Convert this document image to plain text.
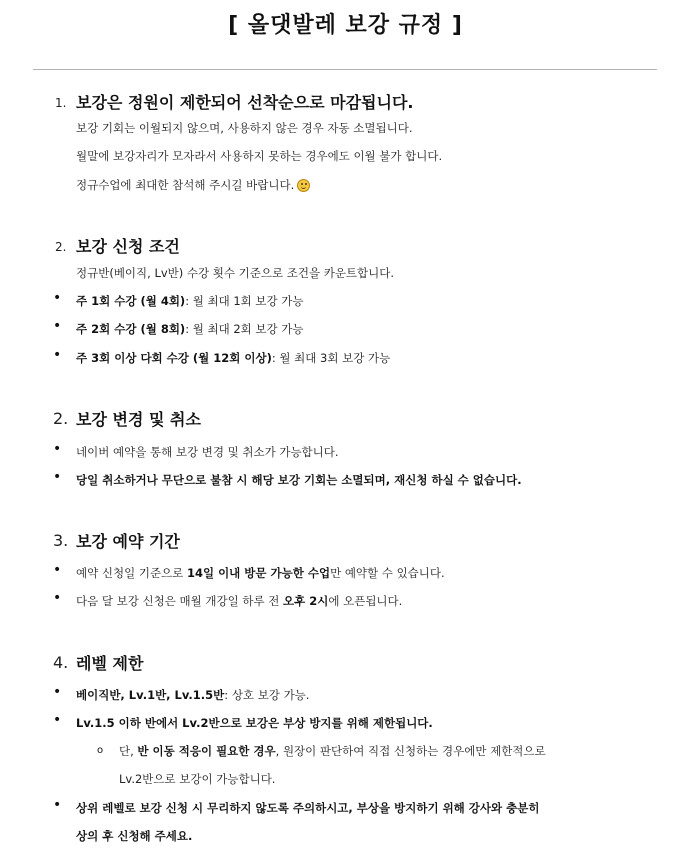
[ 올댓발레 보강 규정 ]
1. 보강은 정원이 제한되어 선착순으로 마감됩니다.
보강 기회는 이월되지 않으며, 사용하지 않은 경우 자동 소멸됩니다.
월말에 보강자리가 모자라서 사용하지 못하는 경우에도 이월 불가 합니다.
정규수업에 최대한 참석해 주시길 바랍니다.
2. 보강 신청 조건
정규반(베이직, Lv반) 수강 횟수 기준으로 조건을 카운트합니다.
• 주 1회 수강 (월 4회): 월 최대 1회 보강 가능
• 주 2회 수강 (월 8회): 월 최대 2회 보강 가능
• 주 3회 이상 다회 수강 (월 12회 이상): 월 최대 3회 보강 가능
2. 보강 변경 및 취소
• 네이버 예약을 통해 보강 변경 및 취소가 가능합니다.
• 당일 취소하거나 무단으로 불참 시 해당 보강 기회는 소멸되며, 재신청 하실 수 없습니다.
3. 보강 예약 기간
• 예약 신청일 기준으로 14일 이내 방문 가능한 수업만 예약할 수 있습니다.
• 다음 달 보강 신청은 매월 개강일 하루 전 오후 2시에 오픈됩니다.
4. 레벨 제한
• 베이직반, Lv.1반, Lv.1.5반: 상호 보강 가능.
• Lv.1.5 이하 반에서 Lv.2반으로 보강은 부상 방지를 위해 제한됩니다.
o 단, 반 이동 적응이 필요한 경우, 원장이 판단하여 직접 신청하는 경우에만 제한적으로
Lv.2반으로 보강이 가능합니다.
• 상위 레벨로 보강 신청 시 무리하지 않도록 주의하시고, 부상을 방지하기 위해 강사와 충분히
상의 후 신청해 주세요.
